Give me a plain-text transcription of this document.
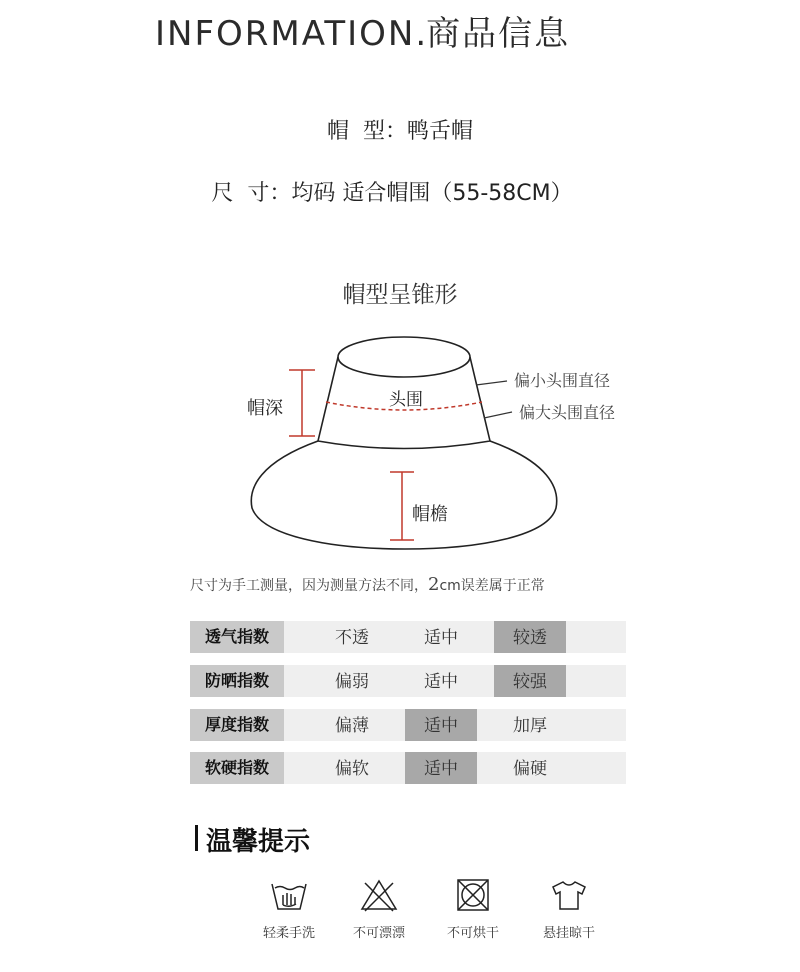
INFORMATION.商品信息
帽 型：鸭舌帽
尺 寸：均码 适合帽围（55-58CM）
帽型呈锥形
帽深	头围
偏小头围直径
偏大头围直径
帽檐
尺寸为手工测量，因为测量方法不同，2cm误差属于正常
透气指数	不透	适中	较透
防晒指数	偏弱	适中	较强
厚度指数	偏薄	适中	加厚
软硬指数	偏软	适中	偏硬
温馨提示
轻柔手洗	不可漂漂	不可烘干	悬挂晾干
